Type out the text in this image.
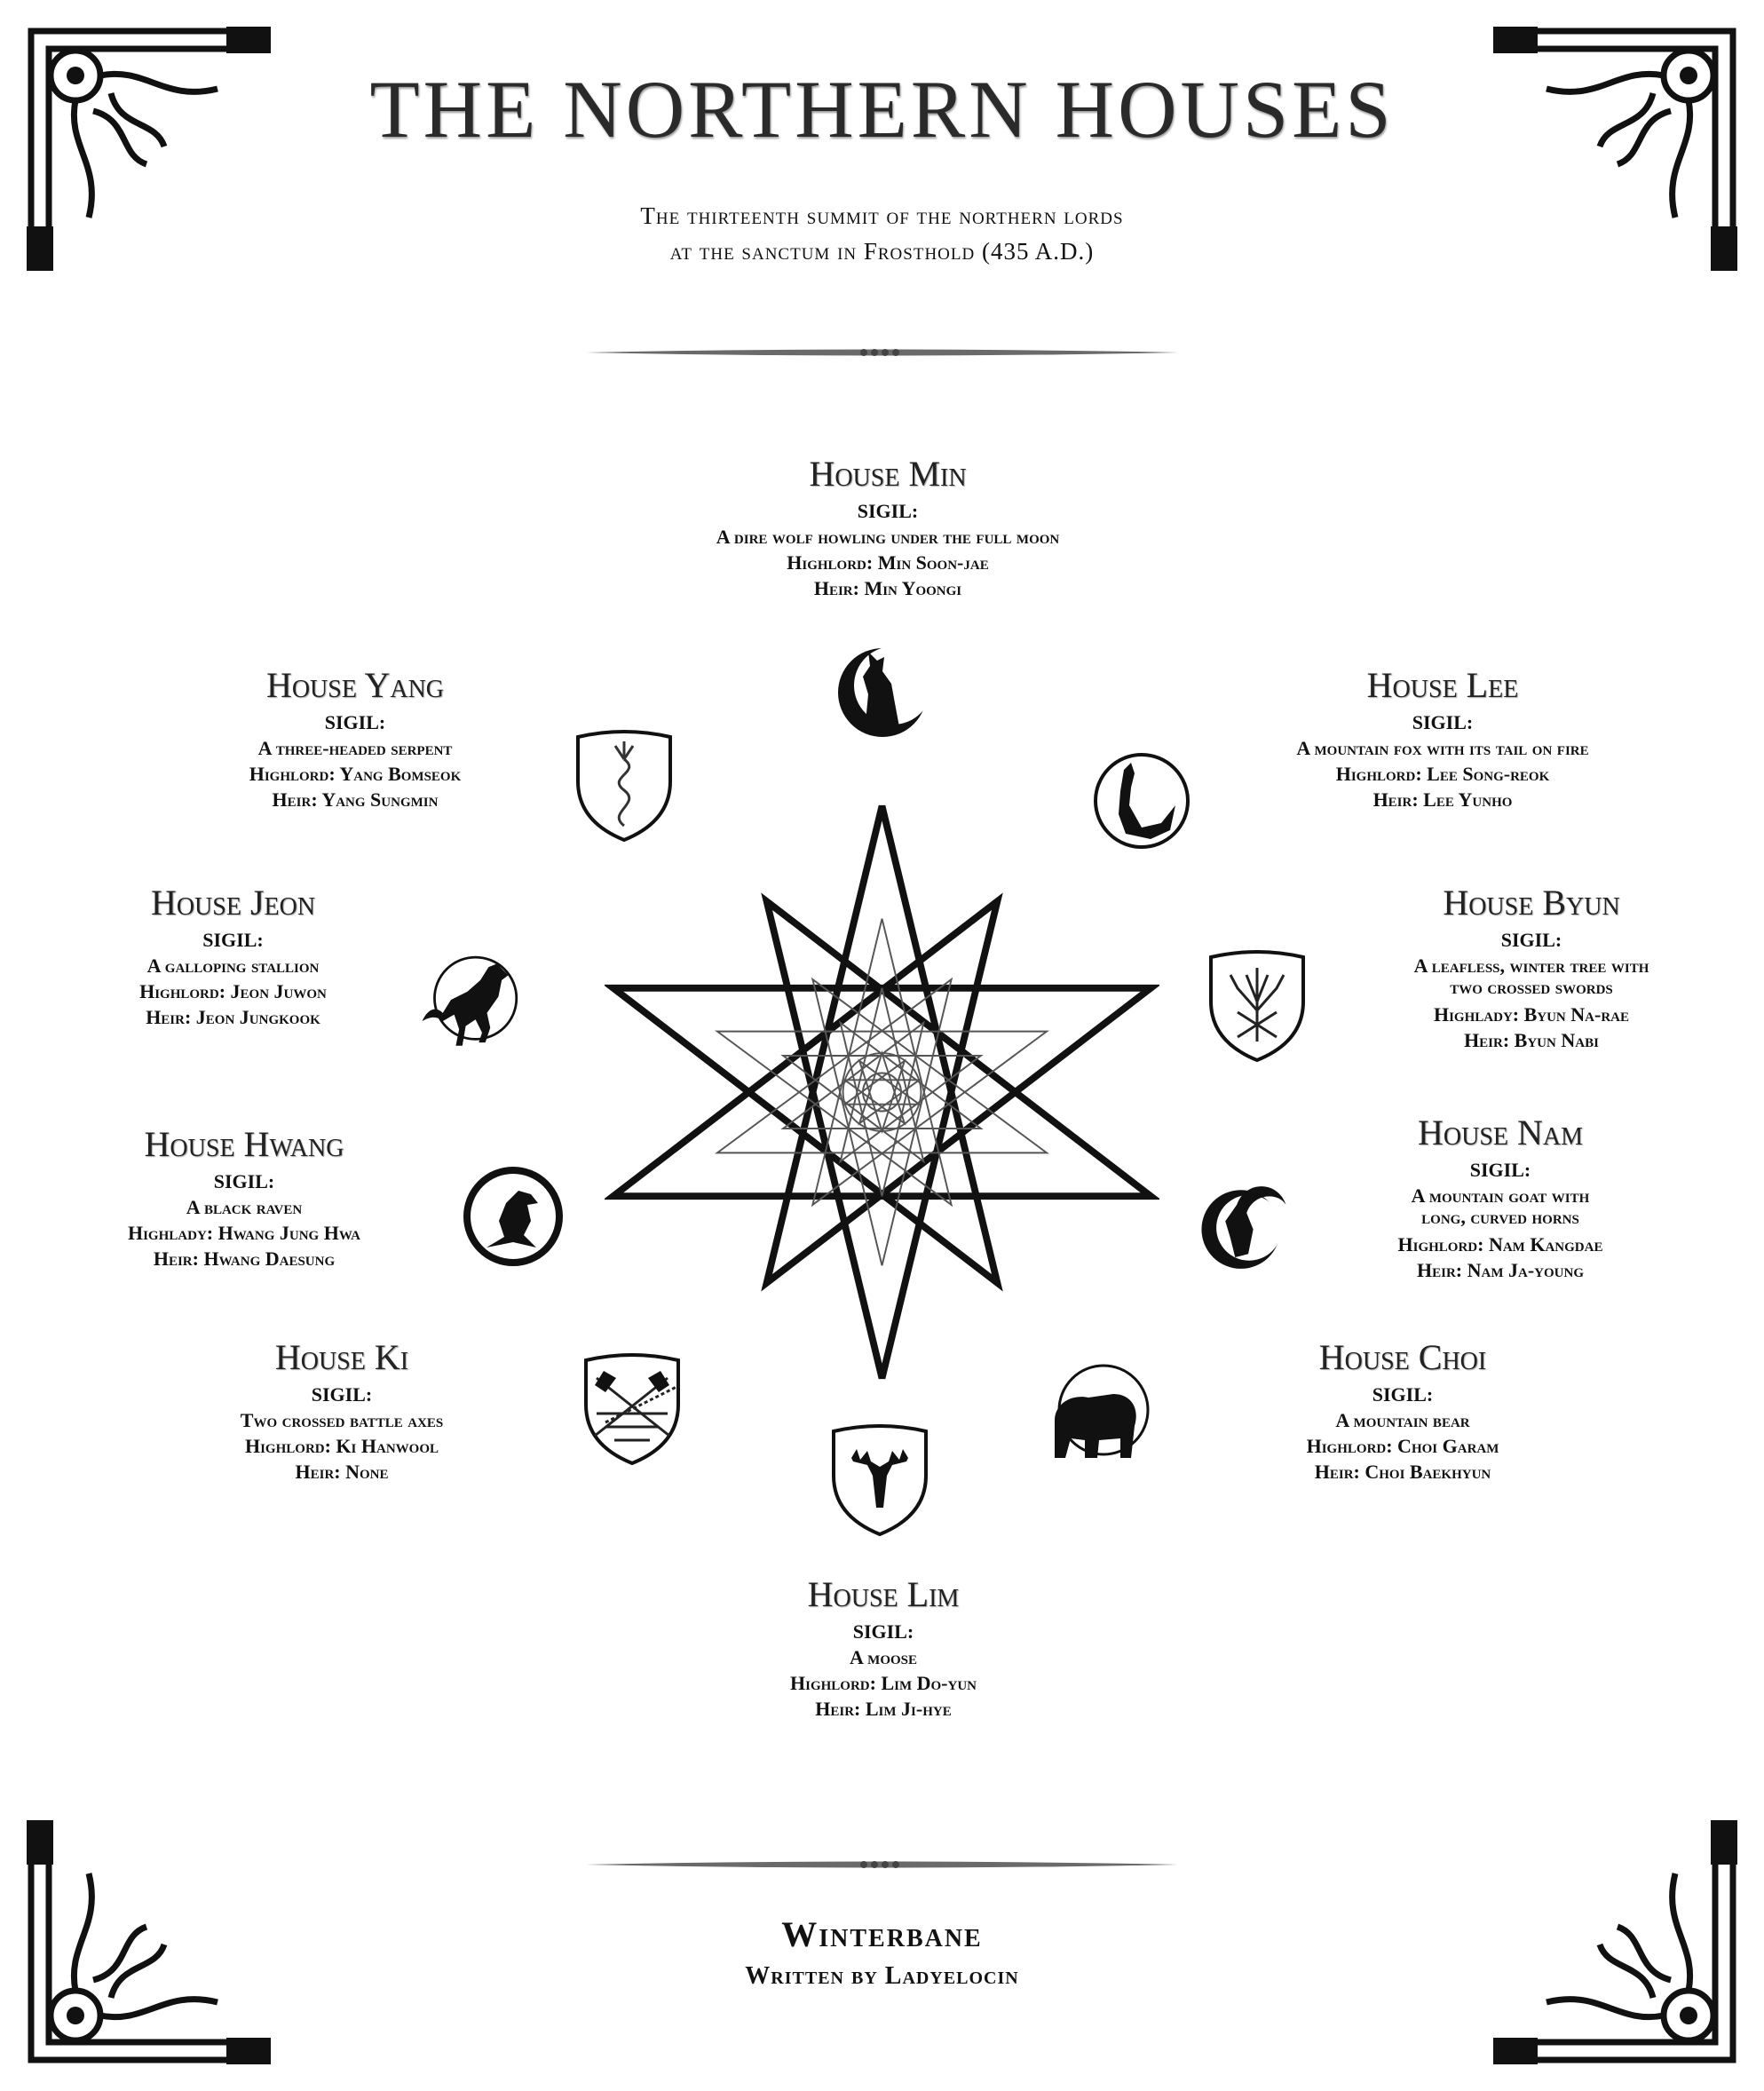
THE NORTHERN HOUSES
The thirteenth summit of the northern lords
at the sanctum in Frosthold (435 A.D.)
House Min
SIGIL:
A dire wolf howling under the full moon
Highlord: Min Soon-jae
Heir: Min Yoongi
House Yang
SIGIL:
A three-headed serpent
Highlord: Yang Bomseok
Heir: Yang Sungmin
House Lee
SIGIL:
A mountain fox with its tail on fire
Highlord: Lee Song-reok
Heir: Lee Yunho
House Jeon
SIGIL:
A galloping stallion
Highlord: Jeon Juwon
Heir: Jeon Jungkook
House Byun
SIGIL:
A leafless, winter tree with
two crossed swords
Highlady: Byun Na-rae
Heir: Byun Nabi
House Hwang
SIGIL:
A black raven
Highlady: Hwang Jung Hwa
Heir: Hwang Daesung
House Nam
SIGIL:
A mountain goat with
long, curved horns
Highlord: Nam Kangdae
Heir: Nam Ja-young
House Ki
SIGIL:
Two crossed battle axes
Highlord: Ki Hanwool
Heir: None
House Choi
SIGIL:
A mountain bear
Highlord: Choi Garam
Heir: Choi Baekhyun
House Lim
SIGIL:
A moose
Highlord: Lim Do-yun
Heir: Lim Ji-hye
Winterbane
Written by Ladyelocin
